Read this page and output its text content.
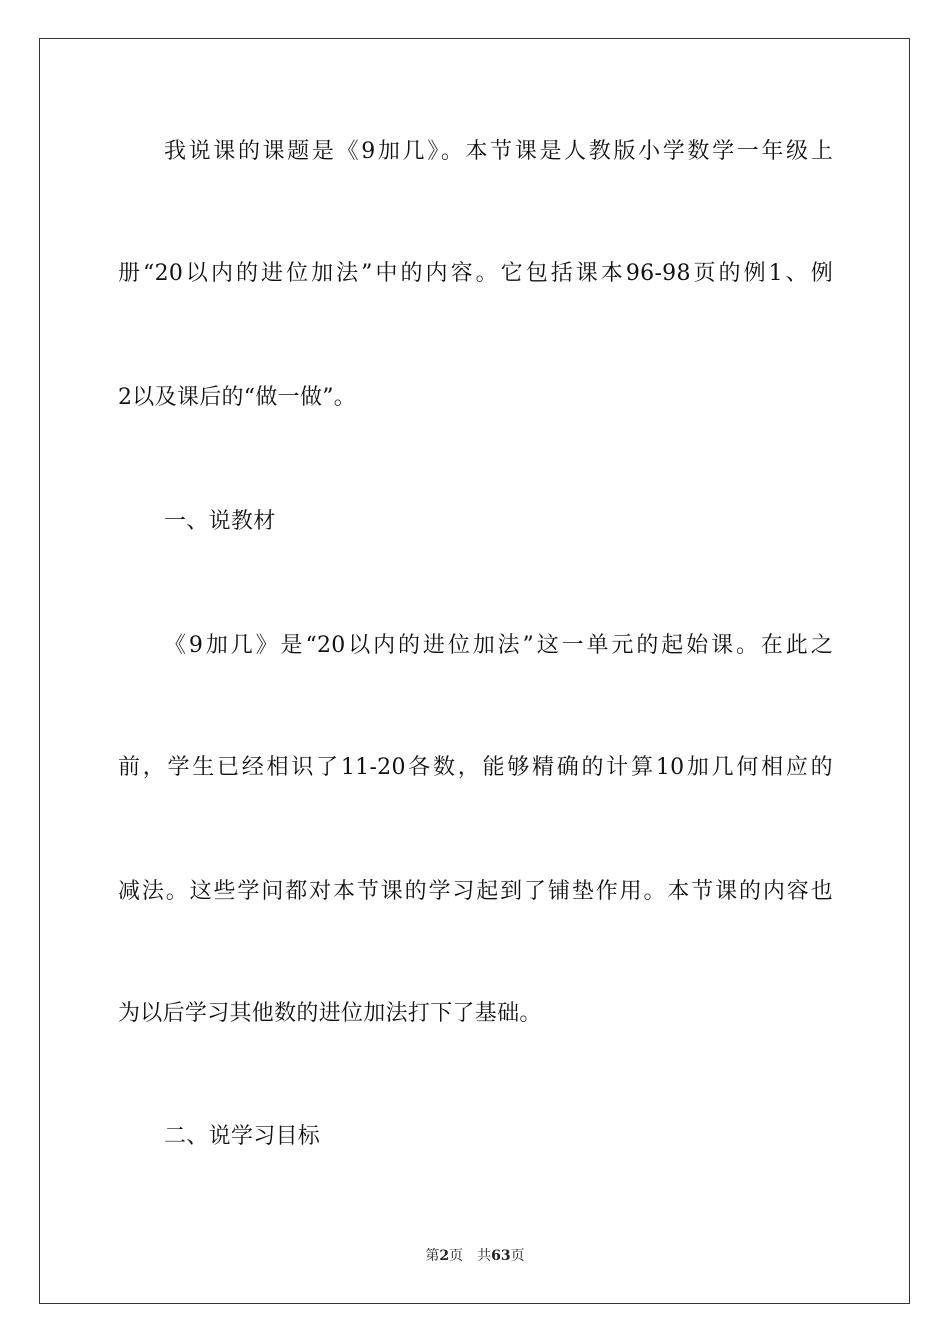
我说课的课题是《9加几》。本节课是人教版小学数学一年级上
册“20以内的进位加法”中的内容。它包括课本96-98页的例1、例
2以及课后的“做一做”。
一、说教材
《9加几》是“20以内的进位加法”这一单元的起始课。在此之
前，学生已经相识了11-20各数，能够精确的计算10加几何相应的
减法。这些学问都对本节课的学习起到了铺垫作用。本节课的内容也
为以后学习其他数的进位加法打下了基础。
二、说学习目标
第2页 共63页
